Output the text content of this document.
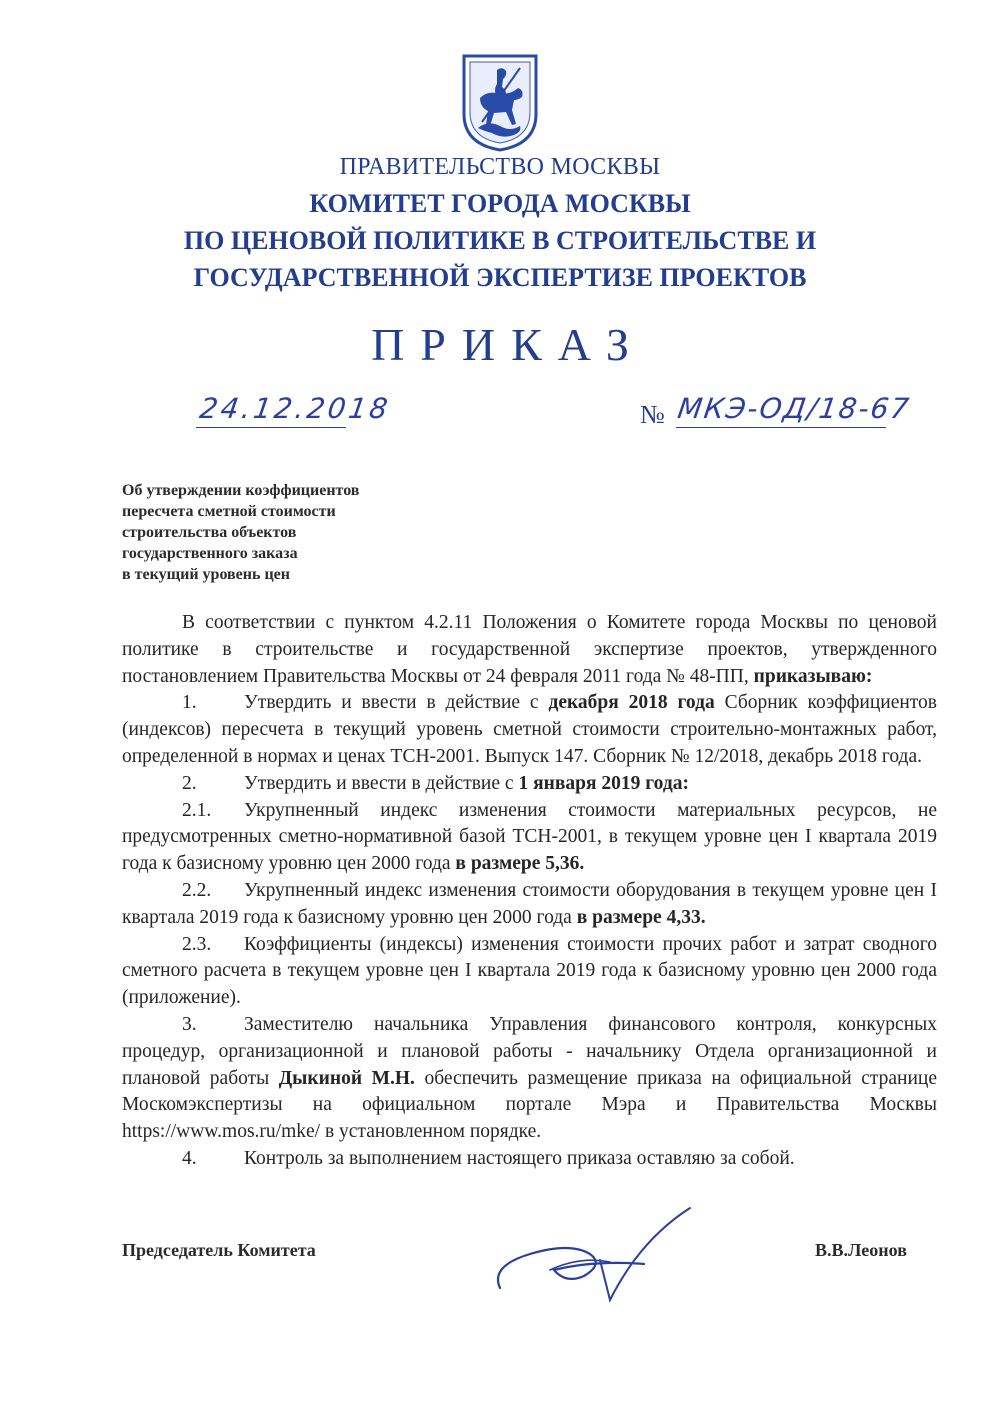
ПРАВИТЕЛЬСТВО МОСКВЫ
КОМИТЕТ ГОРОДА МОСКВЫ
ПО ЦЕНОВОЙ ПОЛИТИКЕ В СТРОИТЕЛЬСТВЕ И
ГОСУДАРСТВЕННОЙ ЭКСПЕРТИЗЕ ПРОЕКТОВ
ПРИКАЗ
24.12.2018	№ МКЭ-ОД/18-67
Об утверждении коэффициентов
пересчета сметной стоимости
строительства объектов
государственного заказа
в текущий уровень цен

В соответствии с пунктом 4.2.11 Положения о Комитете города Москвы по ценовой политике в строительстве и государственной экспертизе проектов, утвержденного постановлением Правительства Москвы от 24 февраля 2011 года № 48-ПП, приказываю:

1. Утвердить и ввести в действие с декабря 2018 года Сборник коэффициентов (индексов) пересчета в текущий уровень сметной стоимости строительно-монтажных работ, определенной в нормах и ценах ТСН-2001. Выпуск 147. Сборник № 12/2018, декабрь 2018 года.

2. Утвердить и ввести в действие с 1 января 2019 года:

2.1. Укрупненный индекс изменения стоимости материальных ресурсов, не предусмотренных сметно-нормативной базой ТСН-2001, в текущем уровне цен I квартала 2019 года к базисному уровню цен 2000 года в размере 5,36.

2.2. Укрупненный индекс изменения стоимости оборудования в текущем уровне цен I квартала 2019 года к базисному уровню цен 2000 года в размере 4,33.

2.3. Коэффициенты (индексы) изменения стоимости прочих работ и затрат сводного сметного расчета в текущем уровне цен I квартала 2019 года к базисному уровню цен 2000 года (приложение).

3. Заместителю начальника Управления финансового контроля, конкурсных процедур, организационной и плановой работы - начальнику Отдела организационной и плановой работы Дыкиной М.Н. обеспечить размещение приказа на официальной странице Москомэкспертизы на официальном портале Мэра и Правительства Москвы https://www.mos.ru/mke/ в установленном порядке.

4. Контроль за выполнением настоящего приказа оставляю за собой.

Председатель Комитета	В.В.Леонов
